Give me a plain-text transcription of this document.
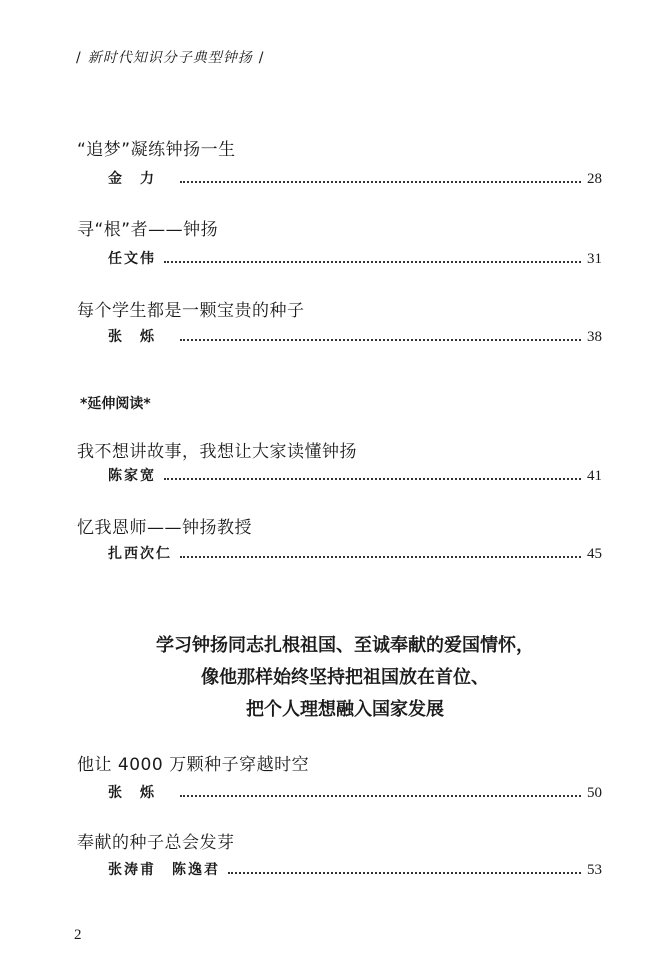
/ 新时代知识分子典型钟扬 /
“追梦”凝练钟扬一生
金力	28
寻“根”者——钟扬
任文伟	31
每个学生都是一颗宝贵的种子
张烁	38
*延伸阅读*
我不想讲故事，我想让大家读懂钟扬
陈家宽	41
忆我恩师——钟扬教授
扎西次仁	45
学习钟扬同志扎根祖国、至诚奉献的爱国情怀，
像他那样始终坚持把祖国放在首位、
把个人理想融入国家发展
他让 4000 万颗种子穿越时空
张烁	50
奉献的种子总会发芽
张涛甫　陈逸君	53
2
